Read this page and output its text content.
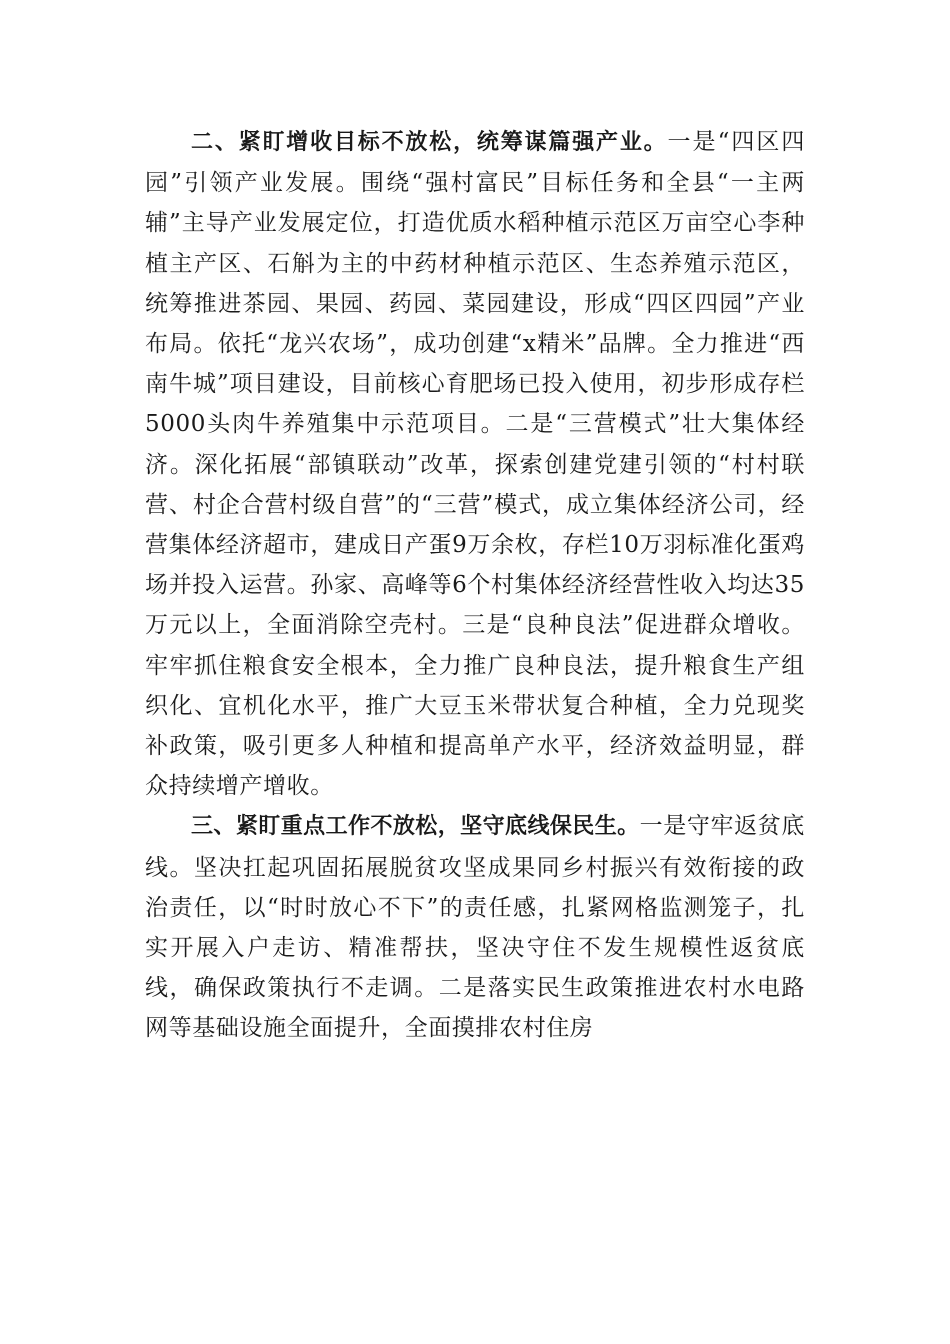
二、紧盯增收目标不放松，统筹谋篇强产业。一是“四区四园”引领产业发展。围绕“强村富民”目标任务和全县“一主两辅”主导产业发展定位，打造优质水稻种植示范区万亩空心李种植主产区、石斛为主的中药材种植示范区、生态养殖示范区，统筹推进茶园、果园、药园、菜园建设，形成“四区四园”产业布局。依托“龙兴农场”，成功创建“x精米”品牌。全力推进“西南牛城”项目建设，目前核心育肥场已投入使用，初步形成存栏5000头肉牛养殖集中示范项目。二是“三营模式”壮大集体经济。深化拓展“部镇联动”改革，探索创建党建引领的“村村联营、村企合营村级自营”的“三营”模式，成立集体经济公司，经营集体经济超市，建成日产蛋9万余枚，存栏10万羽标准化蛋鸡场并投入运营。孙家、高峰等6个村集体经济经营性收入均达35万元以上，全面消除空壳村。三是“良种良法”促进群众增收。牢牢抓住粮食安全根本，全力推广良种良法，提升粮食生产组织化、宜机化水平，推广大豆玉米带状复合种植，全力兑现奖补政策，吸引更多人种植和提高单产水平，经济效益明显，群众持续增产增收。

三、紧盯重点工作不放松，坚守底线保民生。一是守牢返贫底线。坚决扛起巩固拓展脱贫攻坚成果同乡村振兴有效衔接的政治责任，以“时时放心不下”的责任感，扎紧网格监测笼子，扎实开展入户走访、精准帮扶，坚决守住不发生规模性返贫底线，确保政策执行不走调。二是落实民生政策推进农村水电路网等基础设施全面提升，全面摸排农村住房
